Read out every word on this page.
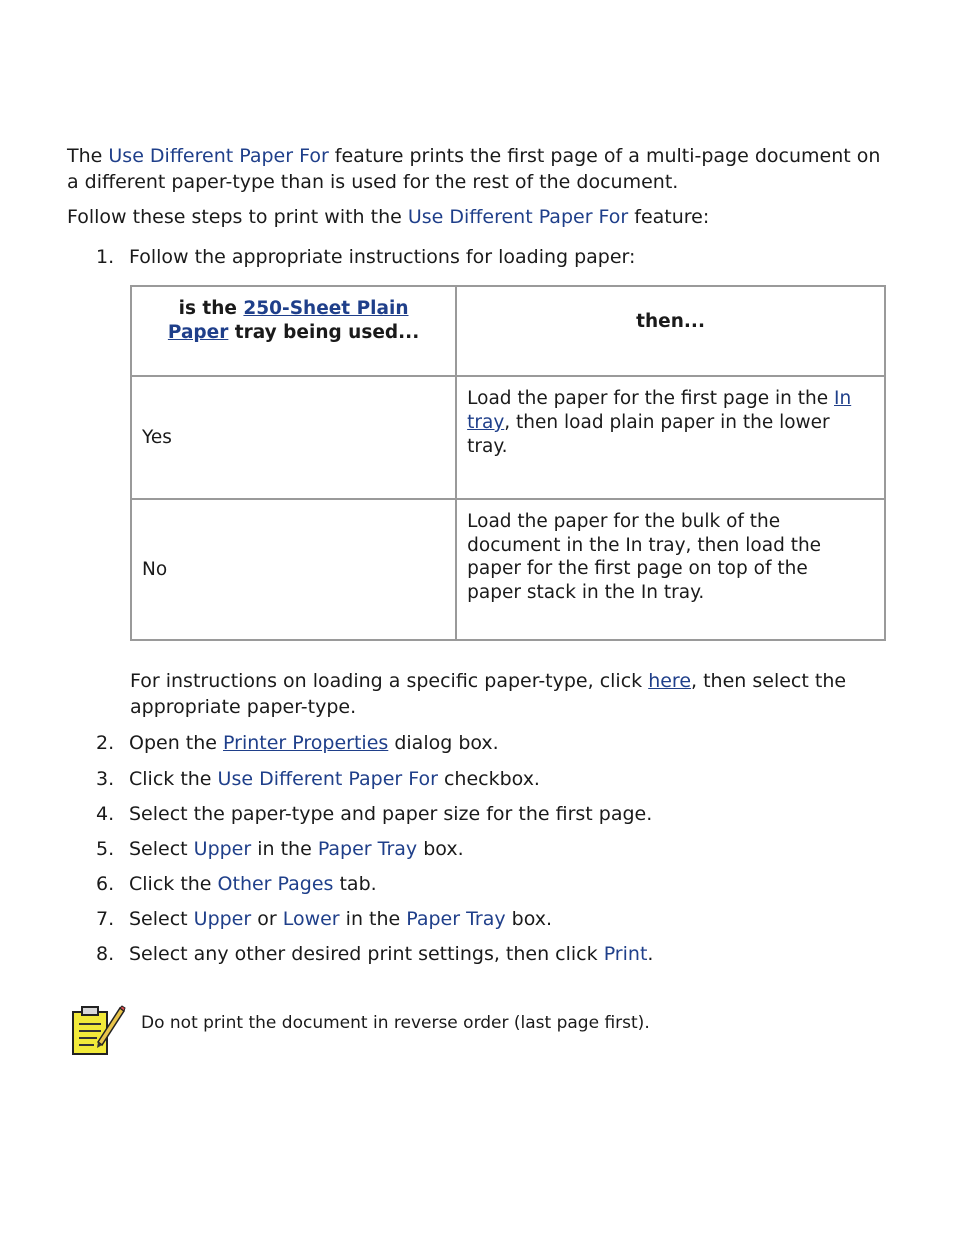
The Use Different Paper For feature prints the first page of a multi-page document on
a different paper-type than is used for the rest of the document.

Follow these steps to print with the Use Different Paper For feature:

1. Follow the appropriate instructions for loading paper:
is the 250-Sheet Plain
Paper tray being used...	then...
Yes	Load the paper for the first page in the In
tray, then load plain paper in the lower tray.
No	Load the paper for the bulk of the
document in the In tray, then load the
paper for the first page on top of the
paper stack in the In tray.

For instructions on loading a specific paper-type, click here, then select the
appropriate paper-type.

2. Open the Printer Properties dialog box.
3. Click the Use Different Paper For checkbox.
4. Select the paper-type and paper size for the first page.
5. Select Upper in the Paper Tray box.
6. Click the Other Pages tab.
7. Select Upper or Lower in the Paper Tray box.
8. Select any other desired print settings, then click Print.
Do not print the document in reverse order (last page first).
